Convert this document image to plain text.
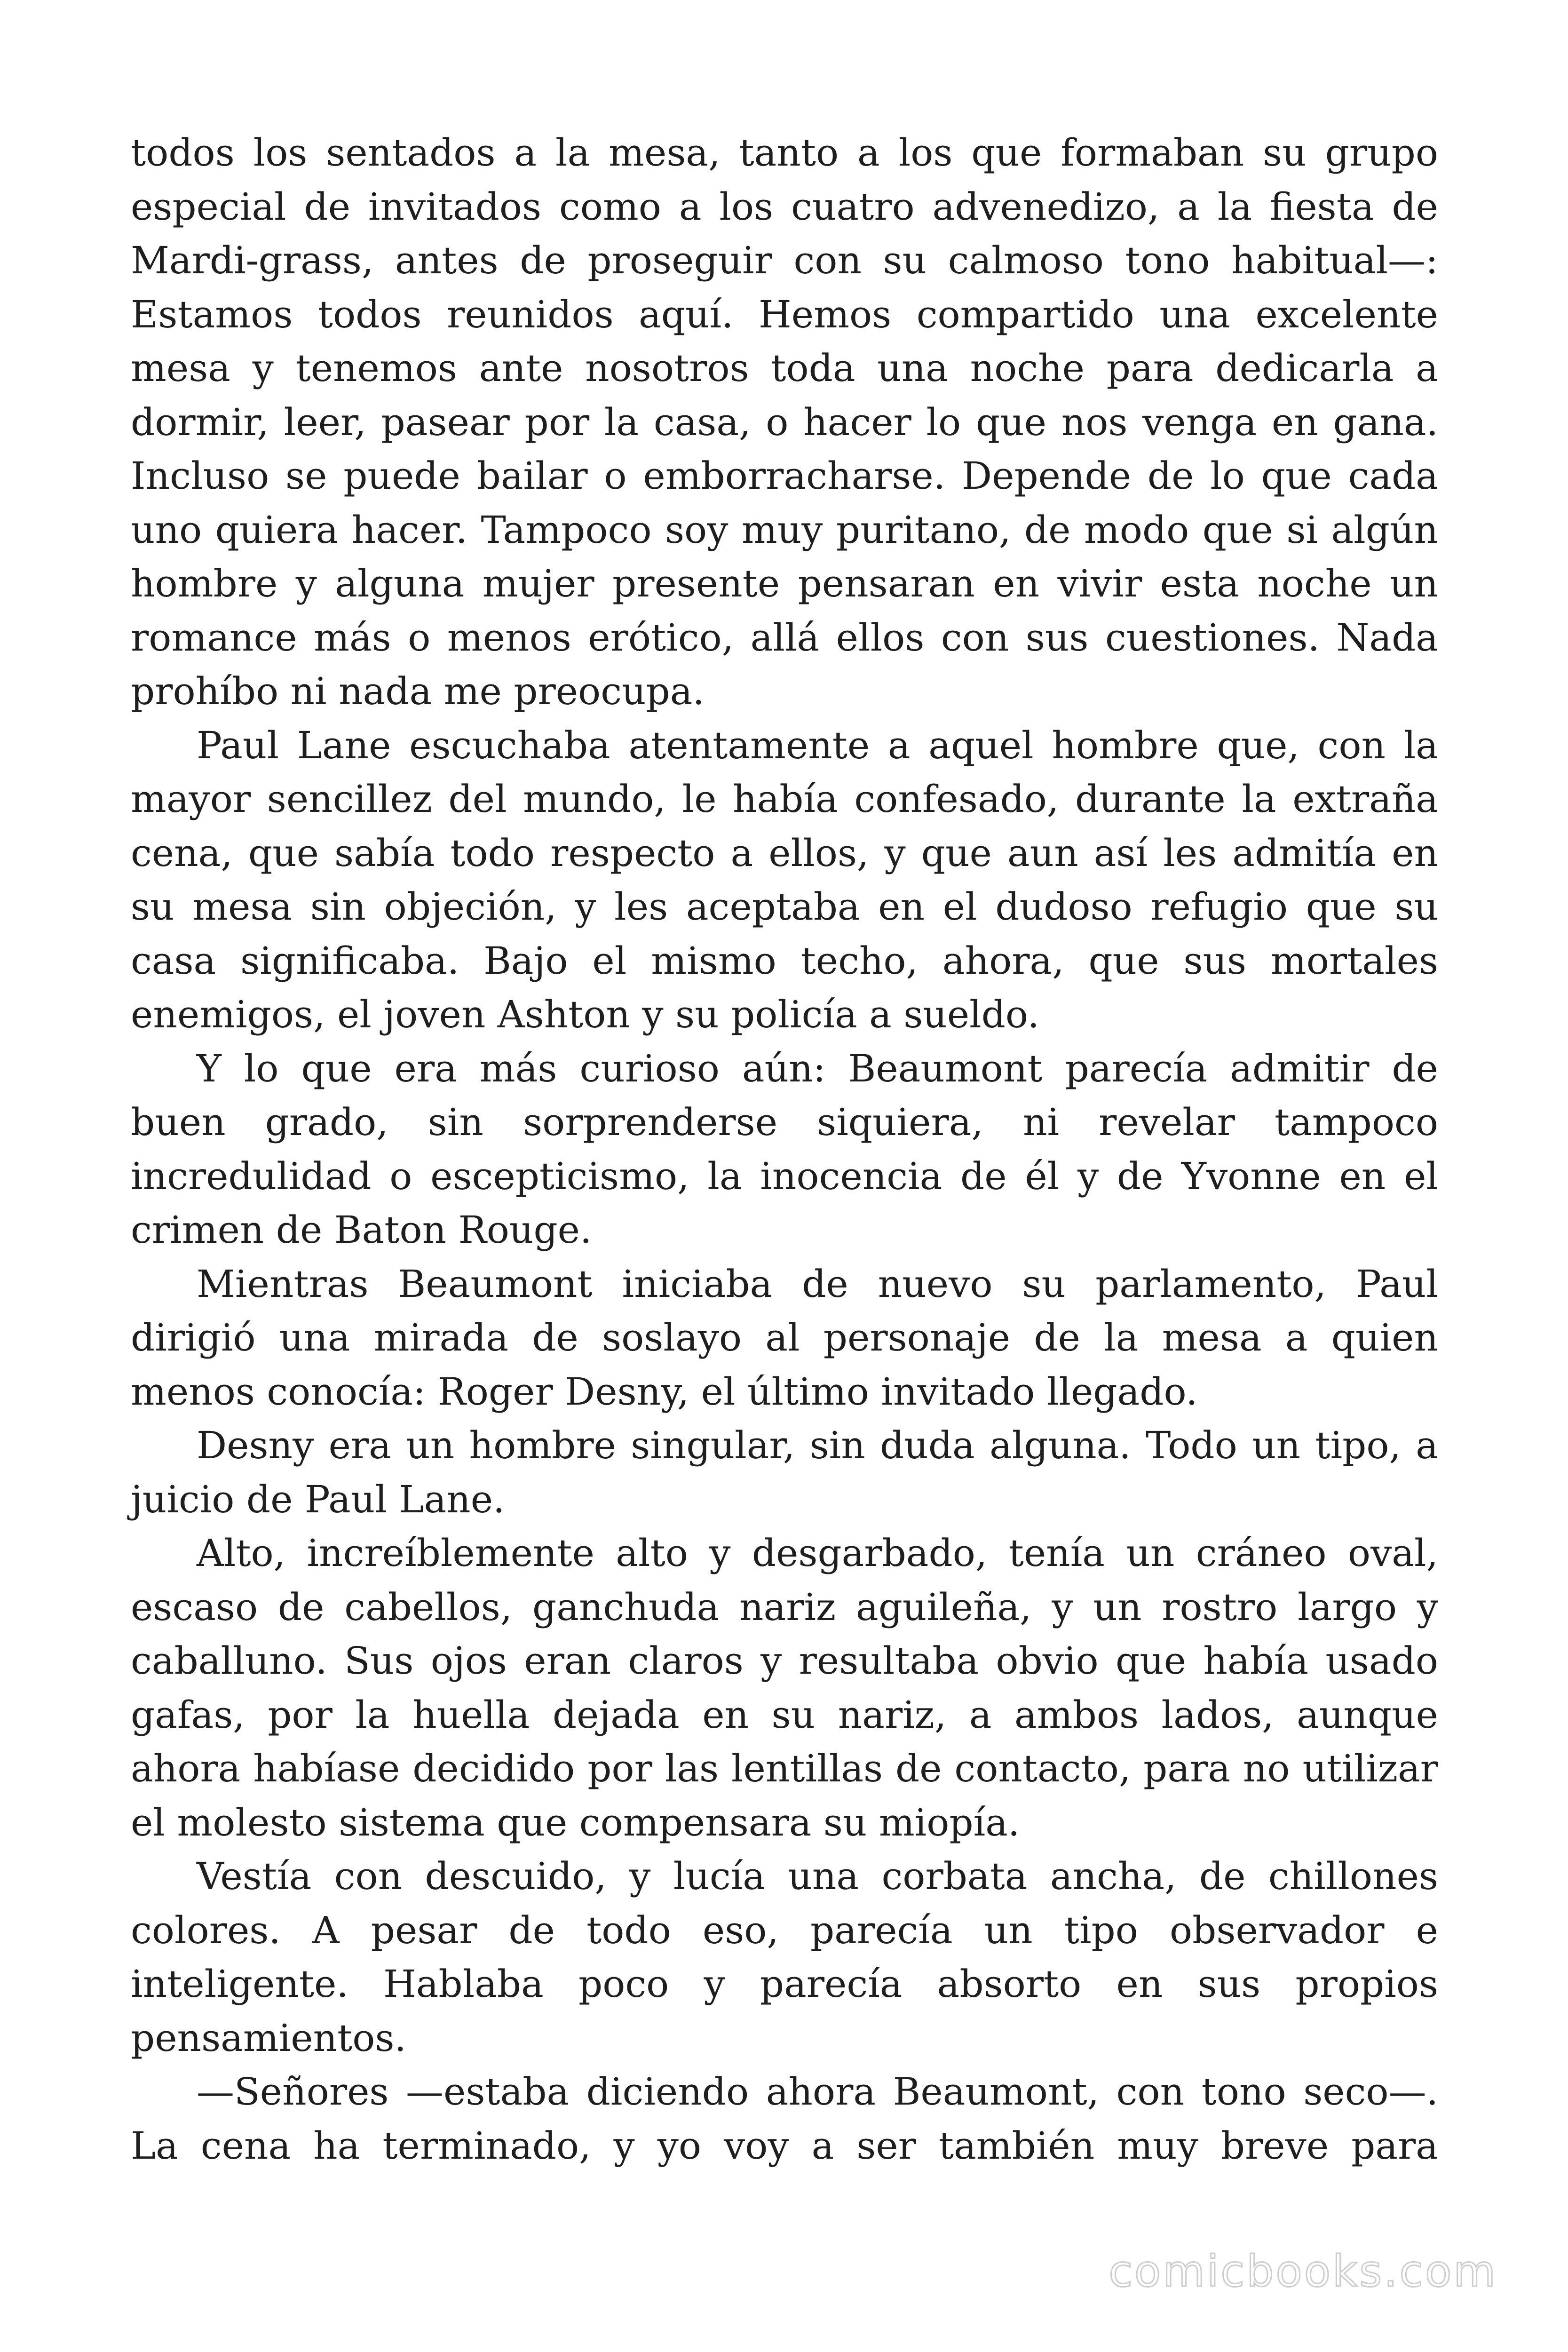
todos los sentados a la mesa, tanto a los que formaban su grupo especial de invitados como a los cuatro advenedizo, a la fiesta de Mardi-grass, antes de proseguir con su calmoso tono habitual—: Estamos todos reunidos aquí. Hemos compartido una excelente mesa y tenemos ante nosotros toda una noche para dedicarla a dormir, leer, pasear por la casa, o hacer lo que nos venga en gana. Incluso se puede bailar o emborracharse. Depende de lo que cada uno quiera hacer. Tampoco soy muy puritano, de modo que si algún hombre y alguna mujer presente pensaran en vivir esta noche un romance más o menos erótico, allá ellos con sus cuestiones. Nada prohíbo ni nada me preocupa.

Paul Lane escuchaba atentamente a aquel hombre que, con la mayor sencillez del mundo, le había confesado, durante la extraña cena, que sabía todo respecto a ellos, y que aun así les admitía en su mesa sin objeción, y les aceptaba en el dudoso refugio que su casa significaba. Bajo el mismo techo, ahora, que sus mortales enemigos, el joven Ashton y su policía a sueldo.

Y lo que era más curioso aún: Beaumont parecía admitir de buen grado, sin sorprenderse siquiera, ni revelar tampoco incredulidad o escepticismo, la inocencia de él y de Yvonne en el crimen de Baton Rouge.

Mientras Beaumont iniciaba de nuevo su parlamento, Paul dirigió una mirada de soslayo al personaje de la mesa a quien menos conocía: Roger Desny, el último invitado llegado.

Desny era un hombre singular, sin duda alguna. Todo un tipo, a juicio de Paul Lane.

Alto, increíblemente alto y desgarbado, tenía un cráneo oval, escaso de cabellos, ganchuda nariz aguileña, y un rostro largo y caballuno. Sus ojos eran claros y resultaba obvio que había usado gafas, por la huella dejada en su nariz, a ambos lados, aunque ahora habíase decidido por las lentillas de contacto, para no utilizar el molesto sistema que compensara su miopía.

Vestía con descuido, y lucía una corbata ancha, de chillones colores. A pesar de todo eso, parecía un tipo observador e inteligente. Hablaba poco y parecía absorto en sus propios pensamientos.

—Señores —estaba diciendo ahora Beaumont, con tono seco—. La cena ha terminado, y yo voy a ser también muy breve para

comicbooks.com
